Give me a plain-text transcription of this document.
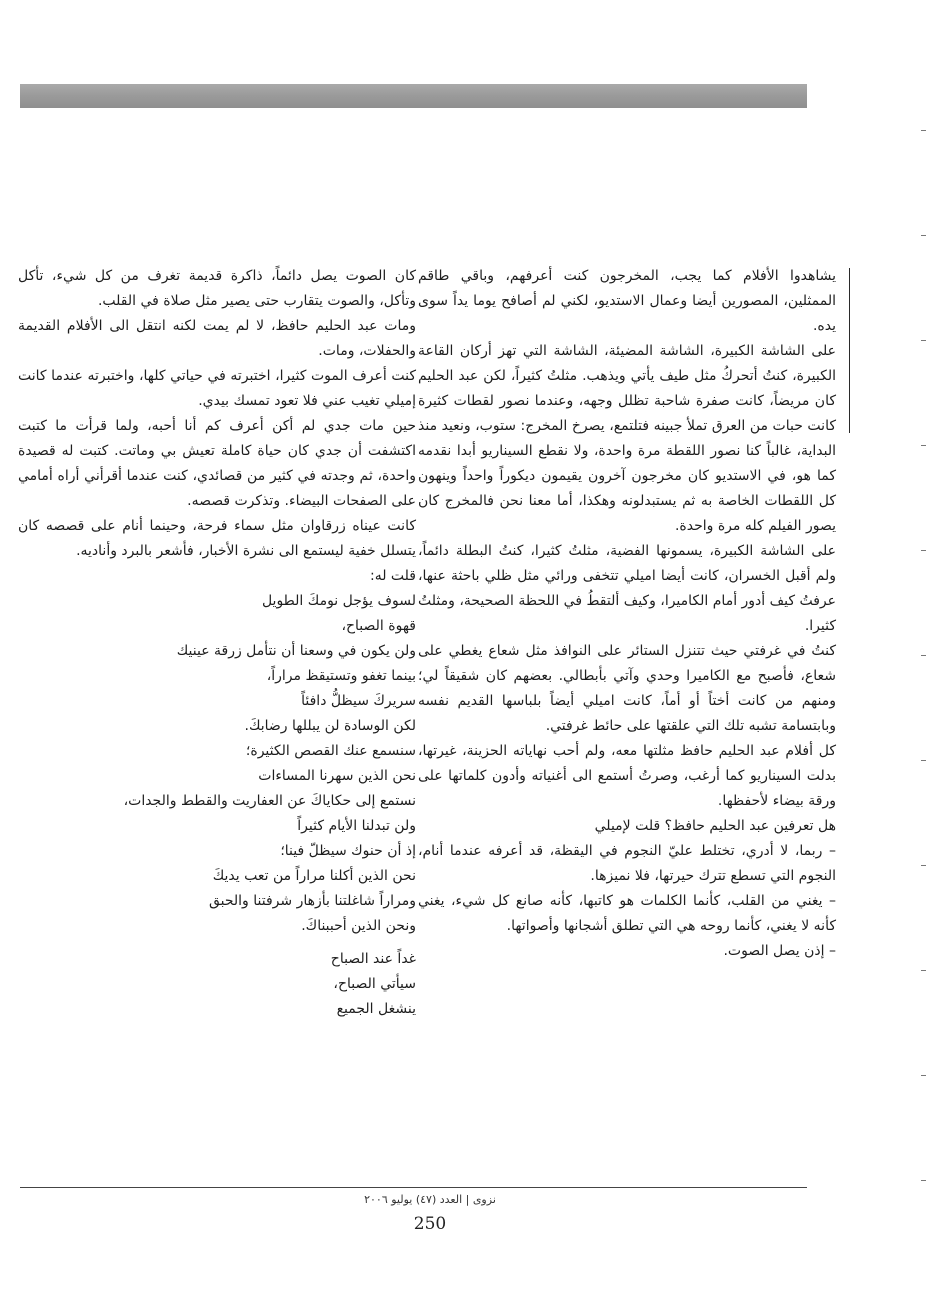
يشاهدوا الأفلام كما يجب، المخرجون كنت أعرفهم، وباقي طاقم الممثلين، المصورين أيضا وعمال الاستديو، لكني لم أصافح يوما يداً سوى يده.

على الشاشة الكبيرة، الشاشة المضيئة، الشاشة التي تهز أركان القاعة الكبيرة، كنتُ أتحركُ مثل طيف يأتي ويذهب. مثلتُ كثيراً، لكن عبد الحليم كان مريضاً، كانت صفرة شاحبة تظلل وجهه، وعندما نصور لقطات كثيرة كانت حبات من العرق تملأ جبينه فتلتمع، يصرخ المخرج: ستوب، ونعيد منذ البداية، غالباً كنا نصور اللقطة مرة واحدة، ولا نقطع السيناريو أبدا نقدمه كما هو، في الاستديو كان مخرجون آخرون يقيمون ديكوراً واحداً وينهون كل اللقطات الخاصة به ثم يستبدلونه وهكذا، أما معنا نحن فالمخرج كان يصور الفيلم كله مرة واحدة.

على الشاشة الكبيرة، يسمونها الفضية، مثلتُ كثيرا، كنتُ البطلة دائماً، ولم أقبل الخسران، كانت أيضا اميلي تتخفى ورائي مثل ظلي باحثة عنها، عرفتُ كيف أدور أمام الكاميرا، وكيف ألتقطُ في اللحظة الصحيحة، ومثلتُ كثيرا.

كنتُ في غرفتي حيث تتنزل الستائر على النوافذ مثل شعاع يغطي على شعاع، فأصبح مع الكاميرا وحدي وآتي بأبطالي. بعضهم كان شقيقاً لي؛ ومنهم من كانت أختاً أو أماً، كانت اميلي أيضاً بلباسها القديم نفسه وبابتسامة تشبه تلك التي علقتها على حائط غرفتي.

كل أفلام عبد الحليم حافظ مثلتها معه، ولم أحب نهاياته الحزينة، غيرتها، بدلت السيناريو كما أرغب، وصرتُ أستمع الى أغنياته وأدون كلماتها على ورقة بيضاء لأحفظها.

هل تعرفين عبد الحليم حافظ؟ قلت لإميلي

– ربما، لا أدري، تختلط عليّ النجوم في اليقظة، قد أعرفه عندما أنام، النجوم التي تسطع تترك حيرتها، فلا نميزها.

– يغني من القلب، كأنما الكلمات هو كاتبها، كأنه صانع كل شيء، يغني كأنه لا يغني، كأنما روحه هي التي تطلق أشجانها وأصواتها.

– إذن يصل الصوت.

كان الصوت يصل دائماً، ذاكرة قديمة تغرف من كل شيء، تأكل وتأكل، والصوت يتقارب حتى يصير مثل صلاة في القلب.

ومات عبد الحليم حافظ، لا لم يمت لكنه انتقل الى الأفلام القديمة والحفلات، ومات.

كنت أعرف الموت كثيرا، اختبرته في حياتي كلها، واختبرته عندما كانت إميلي تغيب عني فلا تعود تمسك بيدي.

حين مات جدي لم أكن أعرف كم أنا أحبه، ولما قرأت ما كتبت اكتشفت أن جدي كان حياة كاملة تعيش بي وماتت. كتبت له قصيدة واحدة، ثم وجدته في كثير من قصائدي، كنت عندما أقرأني أراه أمامي على الصفحات البيضاء. وتذكرت قصصه.

كانت عيناه زرقاوان مثل سماء فرحة، وحينما أنام على قصصه كان يتسلل خفية ليستمع الى نشرة الأخبار، فأشعر بالبرد وأناديه.

قلت له:

لسوف يؤجل نومكَ الطويل

قهوة الصباح،

ولن يكون في وسعنا أن نتأمل زرقة عينيك

بينما تغفو وتستيقظ مراراً،

سريركَ سيظلُّ دافئاً

لكن الوسادة لن يبللها رضابكَ.

سنسمع عنك القصص الكثيرة؛

نحن الذين سهرنا المساءات

نستمع إلى حكاياكَ عن العفاريت والقطط والجدات،

ولن تبدلنا الأيام كثيراً

إذ أن حنوك سيظلّ فينا؛

نحن الذين أكلنا مراراً من تعب يديكَ

ومراراً شاغلتنا بأزهار شرفتنا والحبق

ونحن الذين أحببناكَ.

غداً عند الصباح

سيأتي الصباح،

ينشغل الجميع

نزوى | العدد (٤٧) يوليو ٢٠٠٦
250
